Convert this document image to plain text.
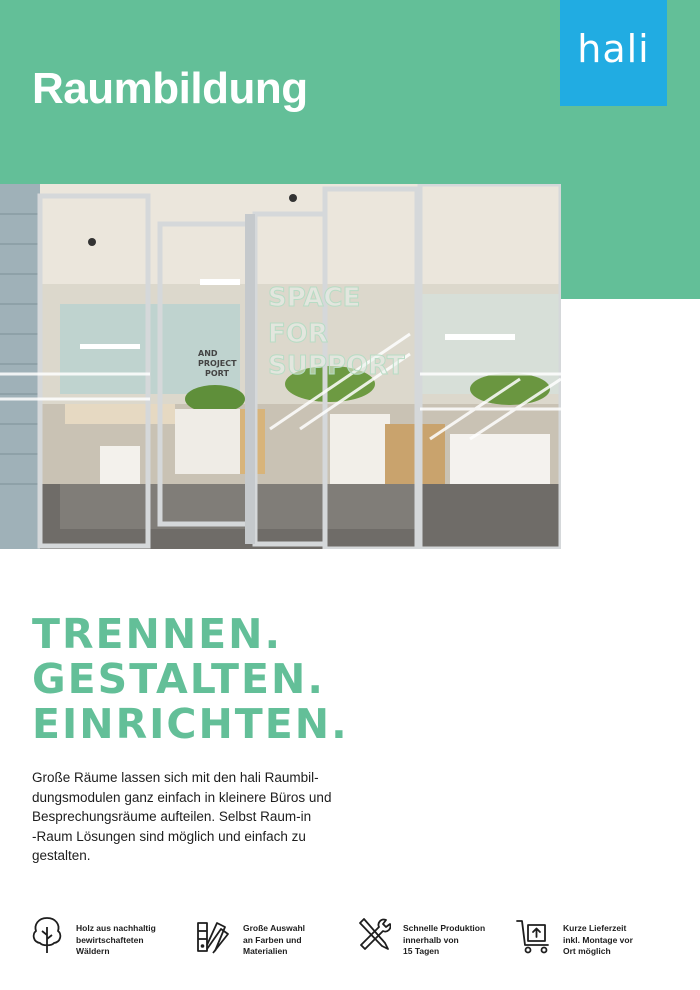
hali
Raumbildung
AND
PROJECT
PORT
SPACE
FOR
SUPPORT
TRENNEN.
GESTALTEN.
EINRICHTEN.

Große Räume lassen sich mit den hali Raumbil-
dungsmodulen ganz einfach in kleinere Büros und
Besprechungsräume aufteilen. Selbst Raum-in
-Raum Lösungen sind möglich und einfach zu
gestalten.

Holz aus nachhaltig
bewirtschafteten
Wäldern
Große Auswahl
an Farben und
Materialien
Schnelle Produktion
innerhalb von
15 Tagen
Kurze Lieferzeit
inkl. Montage vor
Ort möglich
